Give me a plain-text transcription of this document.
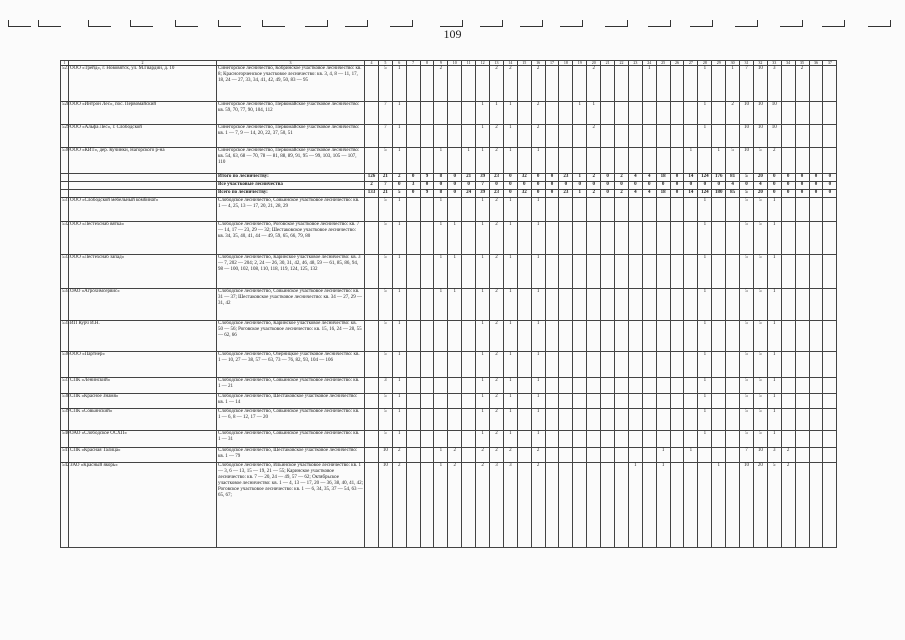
109
1	2	3	4	5	6	7	8	9	10	11	12	13	14	15	16	17	18	19	20	21	22	23	24	25	26	27	28	29	30	31	32	33	34	35	36	37	
527	ООО «Трейд», г. Нововятск, ул. М.Гвардии, д. 10	Синегорское лесничество, Кобринское участковое лесничество: кв. 8; Красногорченское участковое лесничество: кв. 3, 4, 8 — 11, 17, 18, 24 — 27, 33, 34, 41, 42, 49, 50, 83 — 95		5	1			2				2	2		2				2				1				1		1	7	10	3		2					
528	ООО «Интрон Лес», пос. Первомайский	Синегорское лесничество, Первомайское участковое лесничество: кв. 59, 70, 77, 90, 104, 112		7	1						1	1	1		2			1	1								1		2	10	10	10							
529	ООО «Альфа Лес», г. Слободской	Синегорское лесничество, Первомайское участковое лесничество: кв. 1 — 7, 9 — 14, 20, 22, 37, 50, 51		7	1						1	2	1		2				2								1			10	10	10							
530	ООО «КИТ», дер. Кучинки, Нагорского р-на	Синегорское лесничество, Первомайское участковое лесничество: кв. 54, 63, 68 — 70, 78 — 81, 88, 89, 91, 95 — 99, 103, 105 — 107, 110		5	1			1		1	1	2	1		1											1		1	5	10	5	2							
		Итого по лесничеству:	126	21	2	0	9	8	0	21	39	23	0	32	0	0	23	1	2	0	2	4	4	18	0	14	124	176	81	5	20	0	0	0	0	0		
		Все участковые лесничества	2	7	0	3	0	0	0	0	7	0	0	0	0	0	0	0	0	0	0	0	0	0	0	0	0	0	4	0	4	0	0	0	0	0		
		Всего по лесничеству:	133	21	5	0	9	8	0	24	39	23	0	32	0	0	23	1	2	0	2	4	4	18	0	14	124	180	85	5	20	0	0	0	0	0		
531	ООО «Слободской мебельный комбинат»	Слободское лесничество, Совьинское участковое лесничество: кв. 1 — 4, 25, 13 — 17, 20, 21, 28, 29		5	1			1			1	2	1		1												1			5	5	1							
532	ООО «Лестехснаб вятка»	Слободское лесничество, Роговское участковое лесничество: кв. 7 — 14, 17 — 23, 29 — 32; Шестаковское участковое лесничество: кв. 34, 35, 40, 41, 44 — 49, 59, 65, 66, 79, 80		5	1			1	1		1	2	1		1												1			5	5	1							
533	ООО «Лестехснаб запад»	Слободское лесничество, Каринское участковое лесничество: кв. 3 — 7, 202 — 204; 2, 24 — 26, 30, 31, 42, 46, 48, 59 — 61, 85, 86, 94, 98 — 100, 102, 108, 110, 118, 119, 124, 125, 132		5	1			1	1		1	2	1		1												1			5	5	1							
534	ОАО «Агрохимсервис»	Слободское лесничество, Совьинское участковое лесничество: кв. 31 — 37; Шестаковское участковое лесничество: кв. 34 — 27, 29 — 31, 42		5	1			1	1		1	2	1		1												1			5	5	1							
535	ИП Курч И.Н.	Слободское лесничество, Каринское участковое лесничество: кв. 50 — 56; Роговское участковое лесничество: кв. 15, 16, 24 — 28, 55 — 62, 66		5	1						1	2	1		1												1			5	5	1							
536	ООО «Партнер»	Слободское лесничество, Озерницкое участковое лесничество: кв. 1 — 10, 27 — 38, 57 — 63, 73 — 76, 82, 93, 104 — 106		5	1						1	2	1		1												1			5	5	1							
537	СПК «Ленинский»	Слободское лесничество, Совьинское участковое лесничество: кв. 1 — 21		3	1						1	2	1		1												1			5	5	1							
538	СПК «Красное Знамя»	Слободское лесничество, Шестаковское участковое лесничество: кв. 1 — 14		5	1						1	2	1		1												1			5	5	1							
539	СПК «Совьинский»	Слободское лесничество, Совьинское участковое лесничество: кв. 1 — 6, 8 — 12, 17 — 20		5	1						1	2	1		1												1			5	5	1							
540	ОАО «Слободское ОСХП»	Слободское лесничество, Совьинское участковое лесничество: кв. 1 — 31		5	1						1	2	1		1												1			5	5	1							
541	СПК «Красная Талица»	Слободское лесничество, Шестаковское участковое лесничество: кв. 1 — 79		10	2			1	2		2	2	2		2									1		1				7	10	3	2						
542	ЗАО «Красный якорь»	Слободское лесничество, Ильинское участковое лесничество: кв. 1 — 3, 6 — 13, 15 — 19, 21 — 55; Каринское участковое лесничество: кв. 7 — 20, 24 — 49, 57 — 62; Октябрьское участковое лесничество: кв. 1 — 4, 13 — 17, 20 — 36, 38, 40, 41, 42; Роговское участковое лесничество: кв. 1 — 6, 34, 35, 37 — 54, 63 — 65, 67;		10	2			1	2		2	3	3		2							1		1				1		10	20	5	2						
